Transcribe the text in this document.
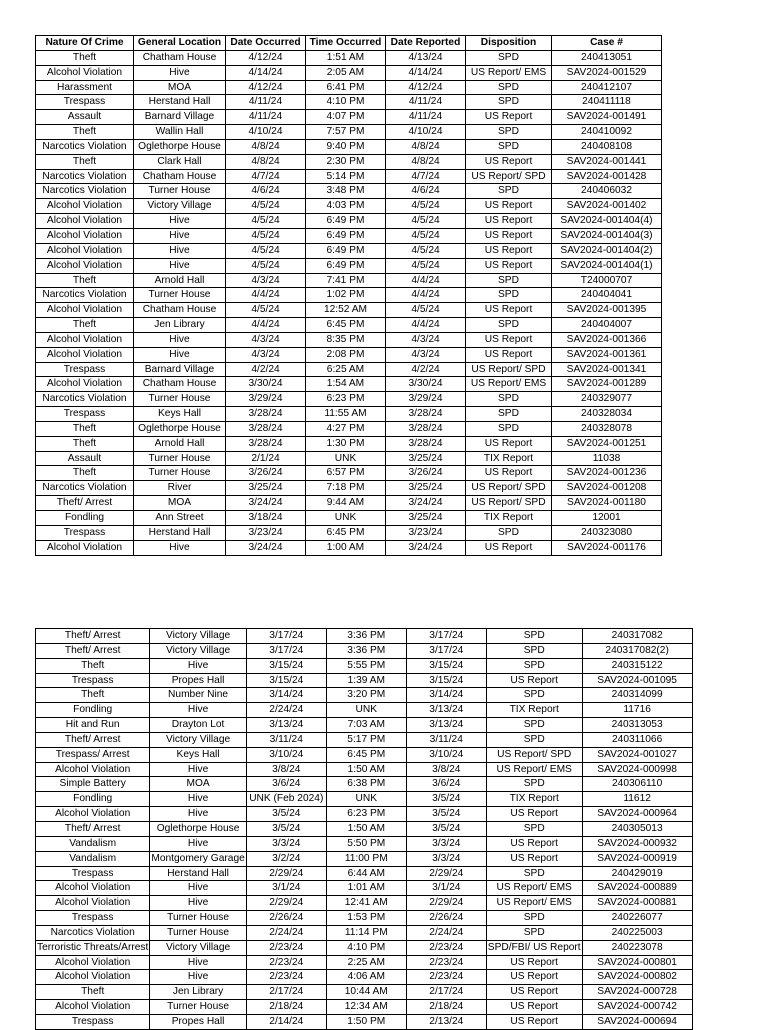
Nature Of Crime	General Location	Date Occurred	Time Occurred	Date Reported	Disposition	Case #
Theft	Chatham House	4/12/24	1:51 AM	4/13/24	SPD	240413051
Alcohol Violation	Hive	4/14/24	2:05 AM	4/14/24	US Report/ EMS	SAV2024-001529
Harassment	MOA	4/12/24	6:41 PM	4/12/24	SPD	240412107
Trespass	Herstand Hall	4/11/24	4:10 PM	4/11/24	SPD	240411118
Assault	Barnard Village	4/11/24	4:07 PM	4/11/24	US Report	SAV2024-001491
Theft	Wallin Hall	4/10/24	7:57 PM	4/10/24	SPD	240410092
Narcotics Violation	Oglethorpe House	4/8/24	9:40 PM	4/8/24	SPD	240408108
Theft	Clark Hall	4/8/24	2:30 PM	4/8/24	US Report	SAV2024-001441
Narcotics Violation	Chatham House	4/7/24	5:14 PM	4/7/24	US Report/ SPD	SAV2024-001428
Narcotics Violation	Turner House	4/6/24	3:48 PM	4/6/24	SPD	240406032
Alcohol Violation	Victory Village	4/5/24	4:03 PM	4/5/24	US Report	SAV2024-001402
Alcohol Violation	Hive	4/5/24	6:49 PM	4/5/24	US Report	SAV2024-001404(4)
Alcohol Violation	Hive	4/5/24	6:49 PM	4/5/24	US Report	SAV2024-001404(3)
Alcohol Violation	Hive	4/5/24	6:49 PM	4/5/24	US Report	SAV2024-001404(2)
Alcohol Violation	Hive	4/5/24	6:49 PM	4/5/24	US Report	SAV2024-001404(1)
Theft	Arnold Hall	4/3/24	7:41 PM	4/4/24	SPD	T24000707
Narcotics Violation	Turner House	4/4/24	1:02 PM	4/4/24	SPD	240404041
Alcohol Violation	Chatham House	4/5/24	12:52 AM	4/5/24	US Report	SAV2024-001395
Theft	Jen Library	4/4/24	6:45 PM	4/4/24	SPD	240404007
Alcohol Violation	Hive	4/3/24	8:35 PM	4/3/24	US Report	SAV2024-001366
Alcohol Violation	Hive	4/3/24	2:08 PM	4/3/24	US Report	SAV2024-001361
Trespass	Barnard Village	4/2/24	6:25 AM	4/2/24	US Report/ SPD	SAV2024-001341
Alcohol Violation	Chatham House	3/30/24	1:54 AM	3/30/24	US Report/ EMS	SAV2024-001289
Narcotics Violation	Turner House	3/29/24	6:23 PM	3/29/24	SPD	240329077
Trespass	Keys Hall	3/28/24	11:55 AM	3/28/24	SPD	240328034
Theft	Oglethorpe House	3/28/24	4:27 PM	3/28/24	SPD	240328078
Theft	Arnold Hall	3/28/24	1:30 PM	3/28/24	US Report	SAV2024-001251
Assault	Turner House	2/1/24	UNK	3/25/24	TIX Report	11038
Theft	Turner House	3/26/24	6:57 PM	3/26/24	US Report	SAV2024-001236
Narcotics Violation	River	3/25/24	7:18 PM	3/25/24	US Report/ SPD	SAV2024-001208
Theft/ Arrest	MOA	3/24/24	9:44 AM	3/24/24	US Report/ SPD	SAV2024-001180
Fondling	Ann Street	3/18/24	UNK	3/25/24	TIX Report	12001
Trespass	Herstand Hall	3/23/24	6:45 PM	3/23/24	SPD	240323080
Alcohol Violation	Hive	3/24/24	1:00 AM	3/24/24	US Report	SAV2024-001176
Theft/ Arrest	Victory Village	3/17/24	3:36 PM	3/17/24	SPD	240317082
Theft/ Arrest	Victory Village	3/17/24	3:36 PM	3/17/24	SPD	240317082(2)
Theft	Hive	3/15/24	5:55 PM	3/15/24	SPD	240315122
Trespass	Propes Hall	3/15/24	1:39 AM	3/15/24	US Report	SAV2024-001095
Theft	Number Nine	3/14/24	3:20 PM	3/14/24	SPD	240314099
Fondling	Hive	2/24/24	UNK	3/13/24	TIX Report	11716
Hit and Run	Drayton Lot	3/13/24	7:03 AM	3/13/24	SPD	240313053
Theft/ Arrest	Victory Village	3/11/24	5:17 PM	3/11/24	SPD	240311066
Trespass/ Arrest	Keys Hall	3/10/24	6:45 PM	3/10/24	US Report/ SPD	SAV2024-001027
Alcohol Violation	Hive	3/8/24	1:50 AM	3/8/24	US Report/ EMS	SAV2024-000998
Simple Battery	MOA	3/6/24	6:38 PM	3/6/24	SPD	240306110
Fondling	Hive	UNK (Feb 2024)	UNK	3/5/24	TIX Report	11612
Alcohol Violation	Hive	3/5/24	6:23 PM	3/5/24	US Report	SAV2024-000964
Theft/ Arrest	Oglethorpe House	3/5/24	1:50 AM	3/5/24	SPD	240305013
Vandalism	Hive	3/3/24	5:50 PM	3/3/24	US Report	SAV2024-000932
Vandalism	Montgomery Garage	3/2/24	11:00 PM	3/3/24	US Report	SAV2024-000919
Trespass	Herstand Hall	2/29/24	6:44 AM	2/29/24	SPD	240429019
Alcohol Violation	Hive	3/1/24	1:01 AM	3/1/24	US Report/ EMS	SAV2024-000889
Alcohol Violation	Hive	2/29/24	12:41 AM	2/29/24	US Report/ EMS	SAV2024-000881
Trespass	Turner House	2/26/24	1:53 PM	2/26/24	SPD	240226077
Narcotics Violation	Turner House	2/24/24	11:14 PM	2/24/24	SPD	240225003
Terroristic Threats/Arrest	Victory Village	2/23/24	4:10 PM	2/23/24	SPD/FBI/ US Report	240223078
Alcohol Violation	Hive	2/23/24	2:25 AM	2/23/24	US Report	SAV2024-000801
Alcohol Violation	Hive	2/23/24	4:06 AM	2/23/24	US Report	SAV2024-000802
Theft	Jen Library	2/17/24	10:44 AM	2/17/24	US Report	SAV2024-000728
Alcohol Violation	Turner House	2/18/24	12:34 AM	2/18/24	US Report	SAV2024-000742
Trespass	Propes Hall	2/14/24	1:50 PM	2/13/24	US Report	SAV2024-000694
